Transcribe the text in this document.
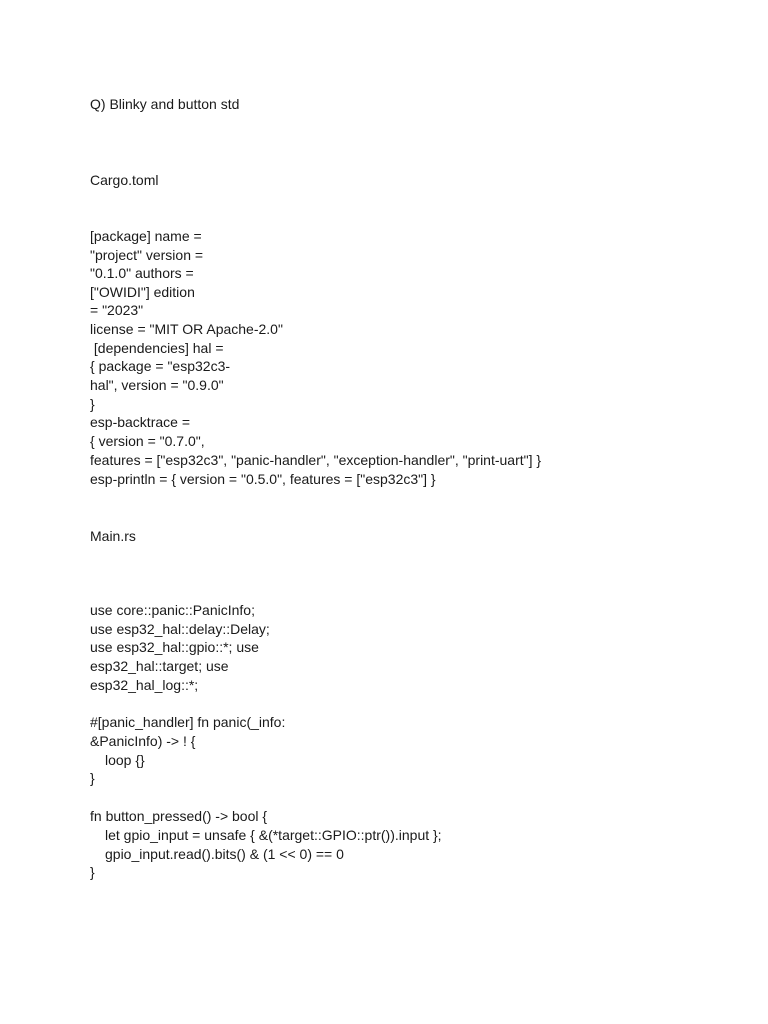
Q) Blinky and button std
Cargo.toml
[package] name =
"project" version =
"0.1.0" authors =
["OWIDI"] edition
= "2023"
license = "MIT OR Apache-2.0"
[dependencies] hal =
{ package = "esp32c3-
hal", version = "0.9.0"
}
esp-backtrace =
{ version = "0.7.0",
features = ["esp32c3", "panic-handler", "exception-handler", "print-uart"] }
esp-println = { version = "0.5.0", features = ["esp32c3"] }
Main.rs
use core::panic::PanicInfo;
use esp32_hal::delay::Delay;
use esp32_hal::gpio::*; use
esp32_hal::target; use
esp32_hal_log::*;
#[panic_handler] fn panic(_info:
&PanicInfo) -> ! {
loop {}
}
fn button_pressed() -> bool {
let gpio_input = unsafe { &(*target::GPIO::ptr()).input };
gpio_input.read().bits() & (1 << 0) == 0
}
